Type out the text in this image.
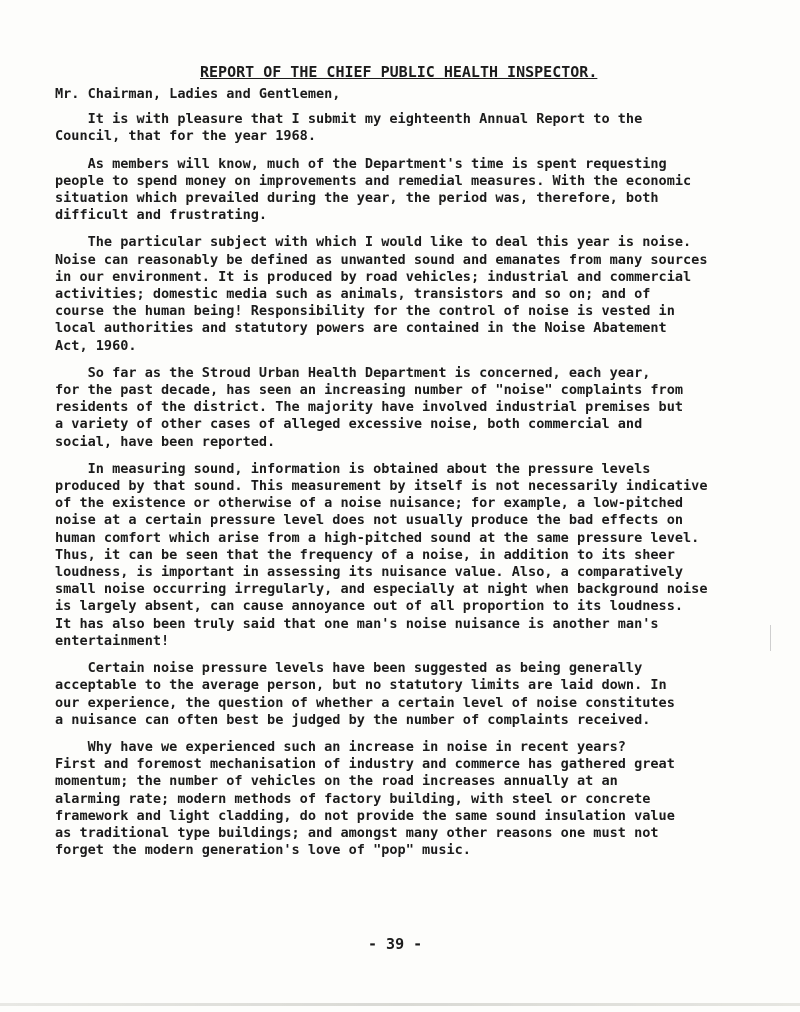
REPORT OF THE CHIEF PUBLIC HEALTH INSPECTOR.
Mr. Chairman, Ladies and Gentlemen,
It is with pleasure that I submit my eighteenth Annual Report to the
Council, that for the year 1968.
As members will know, much of the Department's time is spent requesting
people to spend money on improvements and remedial measures. With the economic
situation which prevailed during the year, the period was, therefore, both
difficult and frustrating.
The particular subject with which I would like to deal this year is noise.
Noise can reasonably be defined as unwanted sound and emanates from many sources
in our environment. It is produced by road vehicles; industrial and commercial
activities; domestic media such as animals, transistors and so on; and of
course the human being! Responsibility for the control of noise is vested in
local authorities and statutory powers are contained in the Noise Abatement
Act, 1960.
So far as the Stroud Urban Health Department is concerned, each year,
for the past decade, has seen an increasing number of "noise" complaints from
residents of the district. The majority have involved industrial premises but
a variety of other cases of alleged excessive noise, both commercial and
social, have been reported.
In measuring sound, information is obtained about the pressure levels
produced by that sound. This measurement by itself is not necessarily indicative
of the existence or otherwise of a noise nuisance; for example, a low-pitched
noise at a certain pressure level does not usually produce the bad effects on
human comfort which arise from a high-pitched sound at the same pressure level.
Thus, it can be seen that the frequency of a noise, in addition to its sheer
loudness, is important in assessing its nuisance value. Also, a comparatively
small noise occurring irregularly, and especially at night when background noise
is largely absent, can cause annoyance out of all proportion to its loudness.
It has also been truly said that one man's noise nuisance is another man's
entertainment!
Certain noise pressure levels have been suggested as being generally
acceptable to the average person, but no statutory limits are laid down. In
our experience, the question of whether a certain level of noise constitutes
a nuisance can often best be judged by the number of complaints received.
Why have we experienced such an increase in noise in recent years?
First and foremost mechanisation of industry and commerce has gathered great
momentum; the number of vehicles on the road increases annually at an
alarming rate; modern methods of factory building, with steel or concrete
framework and light cladding, do not provide the same sound insulation value
as traditional type buildings; and amongst many other reasons one must not
forget the modern generation's love of "pop" music.
- 39 -
